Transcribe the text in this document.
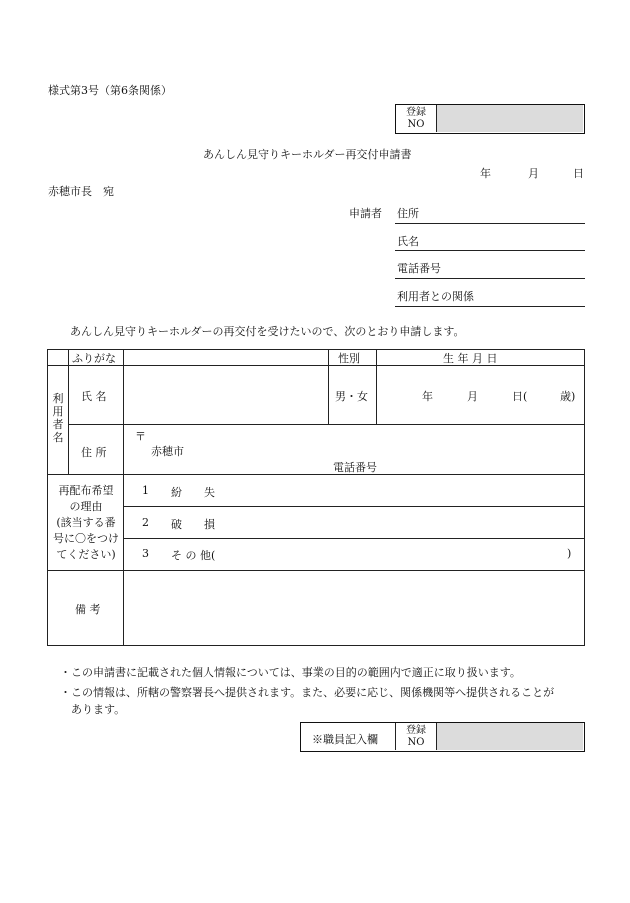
様式第3号（第6条関係）
登録
NO
あんしん見守りキーホルダー再交付申請書
年	月	日
赤穂市長　宛
申請者 住所
氏名
電話番号
利用者との関係
あんしん見守りキーホルダーの再交付を受けたいので、次のとおり申請します。
ふりがな	性別	生 年 月 日
利
用
者
名
氏 名	男・女	年	月	日(	歳)
住 所
〒
赤穂市
電話番号
再配布希望
の理由
(該当する番
号に〇をつけ
てください)
1 紛　　失
2 破　　損
3 そ の 他(	)
備 考
・この申請書に記載された個人情報については、事業の目的の範囲内で適正に取り扱います。
・この情報は、所轄の警察署長へ提供されます。また、必要に応じ、関係機関等へ提供されることが
あります。
※職員記入欄
登録
NO
